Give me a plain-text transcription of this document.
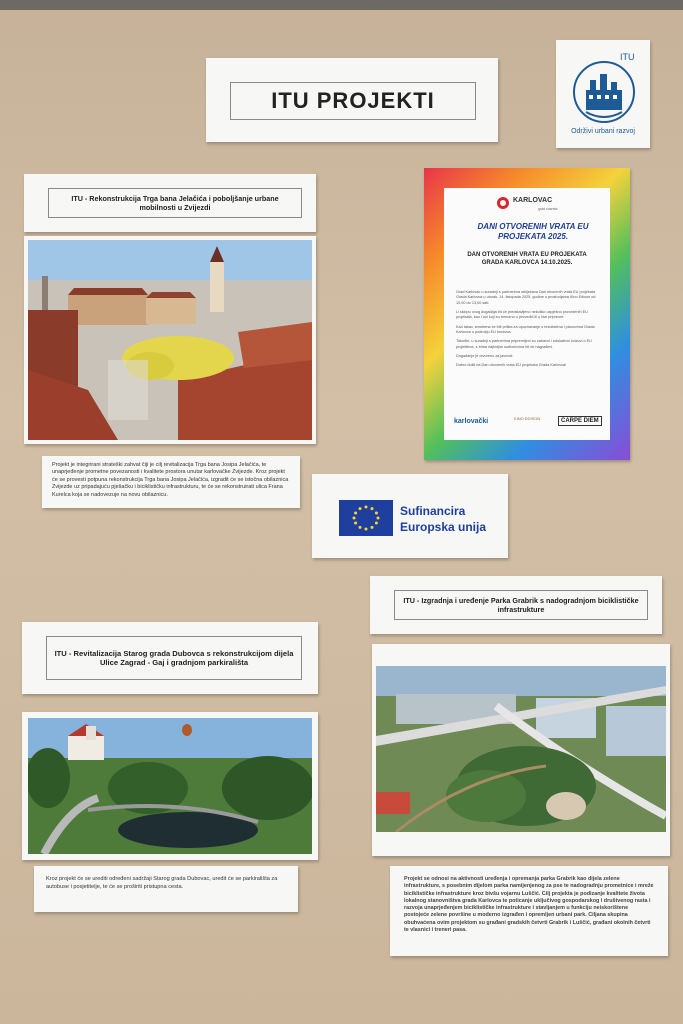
ITU PROJEKTI
ITU
Održivi urbani razvoj
ITU - Rekonstrukcija Trga bana Jelačića i poboljšanje urbane mobilnosti u Zvijezdi
Projekt je integrirani strateški zahvat čiji je cilj revitalizacija Trga bana Josipa Jelačića, te unaprjeđenje prometne povezanosti i kvalitete prostora unutar karlovačke Zvijezde. Kroz projekt će se provesti potpuna rekonstrukcija Trga bana Josipa Jelačića, izgradit će se istočna obilaznica Zvijezde uz pripadajuću pješačku i biciklističku infrastrukturu, te će se rekonstruirati ulica Frana Kurelca koja se nadovezuje na novu obilaznicu.
KARLOVAC
grad susreta
DANI OTVORENIH VRATA EU PROJEKATA 2025.
DAN OTVORENIH VRATA EU PROJEKATA GRADA KARLOVCA 14.10.2025.
Grad Karlovac u suradnji s partnerima obilježava Dan otvorenih vrata EU projekata Grada Karlovca u utorak, 14. listopada 2025. godine u prostorijama Kino Edison od 10,00 do 13,00 sati.
U sklopu ovog događaja bit će predstavljeno nekoliko uspješno provedenih EU projekata, kao i oni koji su trenutno u provedbi ili u fazi pripreme.
Kao takav, smotrena će biti prilika za upoznavanje s rezultatima i planovima Grada Karlovca u području EU fondova.
Također, u suradnji s partnerima pripremljeni su zabavni i edukativni kvizovi o EU projektima, s trima najboljim sudionicima bit će nagrađeni.
Događanje je otvoreno za javnost.
Dobro došli na Dan otvorenih vrata EU projekata Grada Karlovca!
karlovački	KINO EDISON	CARPE DIEM
Sufinancira
Europska unija
ITU - Izgradnja i uređenje Parka Grabrik s nadogradnjom biciklističke infrastrukture
Projekt se odnosi na aktivnosti uređenja i opremanja parka Grabrik kao dijela zelene infrastrukture, s posebnim dijelom parka namijenjenog za pse te nadogradnju prometnice i mreže biciklističke infrastrukture kroz bivšu vojarnu Luščić. Cilj projekta je podizanje kvalitete života lokalnog stanovništva grada Karlovca te poticanje uključivog gospodarskog i društvenog rasta i razvoja unaprjeđenjem biciklističke infrastrukture i stavljanjem u funkciju neiskorištene postojeće zelene površine u moderno izgrađen i opremljen urbani park. Ciljana skupina obuhvaćena ovim projektom su građani gradskih četvrti Grabrik i Luščić, građani okolnih četvrti te vlasnici i treneri pasa.
ITU - Revitalizacija Starog grada Dubovca s rekonstrukcijom dijela Ulice Zagrad - Gaj i gradnjom parkirališta
Kroz projekt će se urediti određeni sadržaji Starog grada Dubovac, uredit će se parkirališta za autobuse i posjetitelje, te će se proširiti pristupna cesta.
